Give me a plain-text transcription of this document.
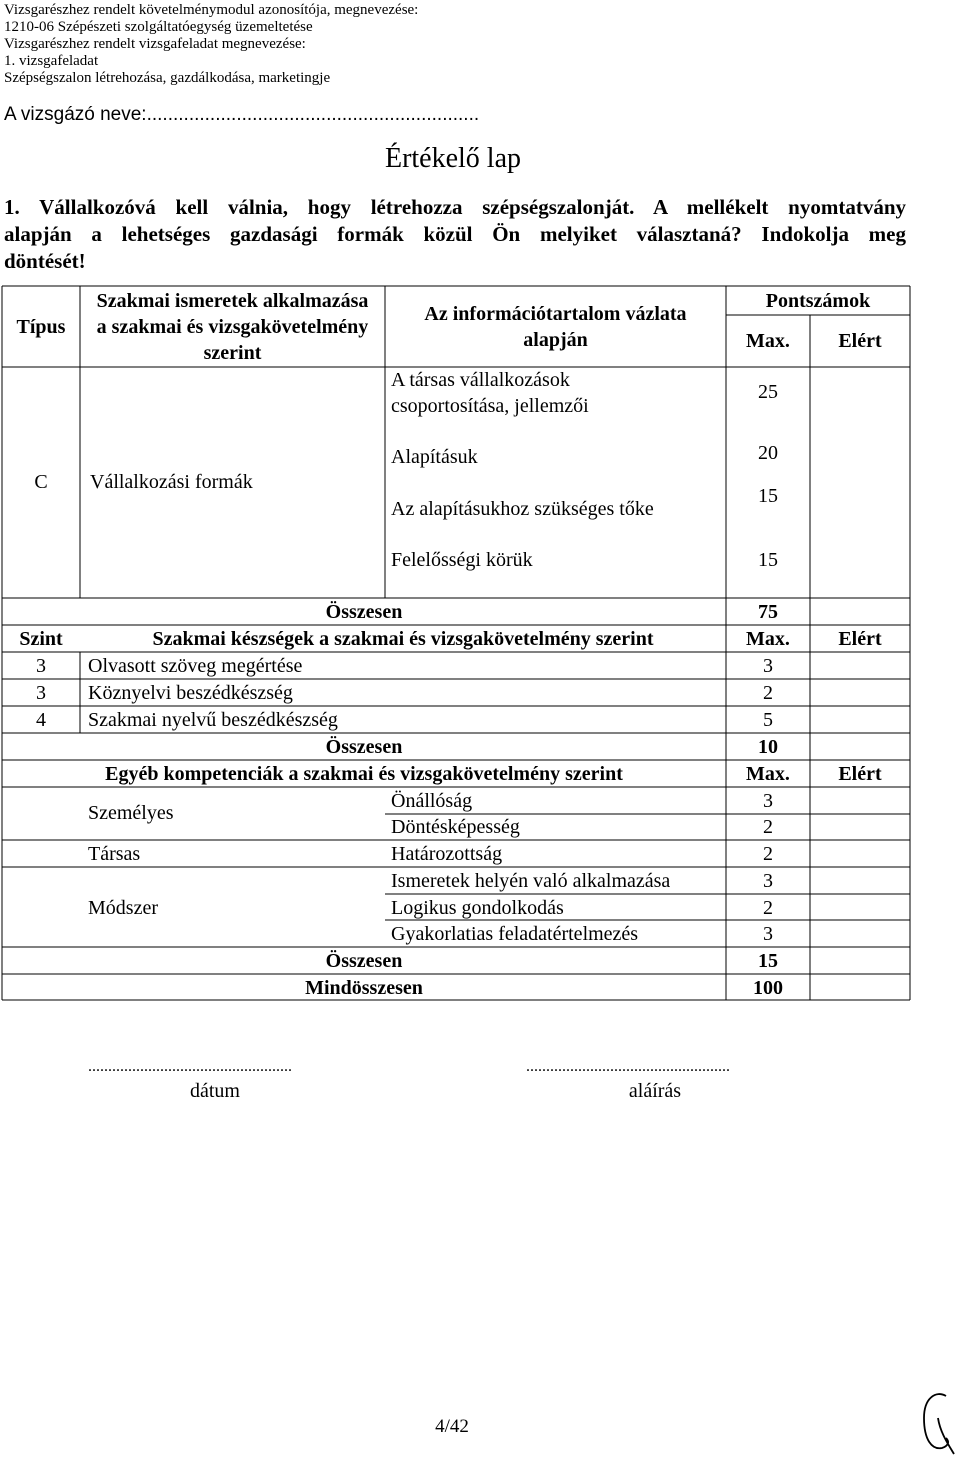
Vizsgarészhez rendelt követelménymodul azonosítója, megnevezése:
1210-06 Szépészeti szolgáltatóegység üzemeltetése
Vizsgarészhez rendelt vizsgafeladat megnevezése:
1. vizsgafeladat
Szépségszalon létrehozása, gazdálkodása, marketingje
A vizsgázó neve:...............................................................
Értékelő lap
1. Vállalkozóvá kell válnia, hogy létrehozza szépségszalonját. A mellékelt nyomtatvány
alapján a lehetséges gazdasági formák közül Ön melyiket választaná? Indokolja meg
döntését!
Típus
Szakmai ismeretek alkalmazása a szakmai és vizsgakövetelmény szerint
Az információtartalom vázlata alapján
Pontszámok
Max.	Elért
C	Vállalkozási formák
A társas vállalkozások csoportosítása, jellemzői
25
Alapításuk	20
Az alapításukhoz szükséges tőke
15
Felelősségi körük	15
Összesen	75
Szint	Szakmai készségek a szakmai és vizsgakövetelmény szerint	Max.	Elért
3	Olvasott szöveg megértése	3
3	Köznyelvi beszédkészség	2
4	Szakmai nyelvű beszédkészség	5
Összesen	10
Egyéb kompetenciák a szakmai és vizsgakövetelmény szerint	Max.	Elért
Személyes
Önállóság	3
Döntésképesség	2
Társas	Határozottság	2
Módszer
Ismeretek helyén való alkalmazása	3
Logikus gondolkodás	2
Gyakorlatias feladatértelmezés	3
Összesen	15
Mindösszesen	100
...................................................
dátum
...................................................
aláírás
4/42
